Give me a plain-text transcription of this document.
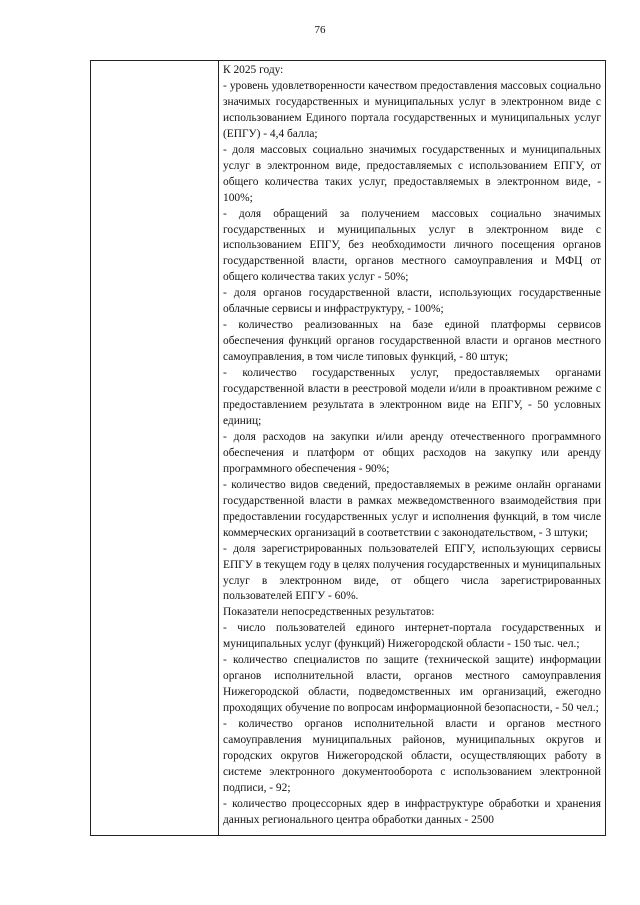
76

К 2025 году:

- уровень удовлетворенности качеством предоставления массовых социально значимых государственных и муниципальных услуг в электронном виде с использованием Единого портала государственных и муниципальных услуг (ЕПГУ) - 4,4 балла;

- доля массовых социально значимых государственных и муниципальных услуг в электронном виде, предоставляемых с использованием ЕПГУ, от общего количества таких услуг, предоставляемых в электронном виде, - 100%;

- доля обращений за получением массовых социально значимых государственных и муниципальных услуг в электронном виде с использованием ЕПГУ, без необходимости личного посещения органов государственной власти, органов местного самоуправления и МФЦ от общего количества таких услуг - 50%;

- доля органов государственной власти, использующих государственные облачные сервисы и инфраструктуру, - 100%;

- количество реализованных на базе единой платформы сервисов обеспечения функций органов государственной власти и органов местного самоуправления, в том числе типовых функций, - 80 штук;

- количество государственных услуг, предоставляемых органами государственной власти в реестровой модели и/или в проактивном режиме с предоставлением результата в электронном виде на ЕПГУ, - 50 условных единиц;

- доля расходов на закупки и/или аренду отечественного программного обеспечения и платформ от общих расходов на закупку или аренду программного обеспечения - 90%;

- количество видов сведений, предоставляемых в режиме онлайн органами государственной власти в рамках межведомственного взаимодействия при предоставлении государственных услуг и исполнения функций, в том числе коммерческих организаций в соответствии с законодательством, - 3 штуки;

- доля зарегистрированных пользователей ЕПГУ, использующих сервисы ЕПГУ в текущем году в целях получения государственных и муниципальных услуг в электронном виде, от общего числа зарегистрированных пользователей ЕПГУ - 60%.

Показатели непосредственных результатов:

- число пользователей единого интернет-портала государственных и муниципальных услуг (функций) Нижегородской области - 150 тыс. чел.;

- количество специалистов по защите (технической защите) информации органов исполнительной власти, органов местного самоуправления Нижегородской области, подведомственных им организаций, ежегодно проходящих обучение по вопросам информационной безопасности, - 50 чел.;

- количество органов исполнительной власти и органов местного самоуправления муниципальных районов, муниципальных округов и городских округов Нижегородской области, осуществляющих работу в системе электронного документооборота с использованием электронной подписи, - 92;

- количество процессорных ядер в инфраструктуре обработки и хранения данных регионального центра обработки данных - 2500
